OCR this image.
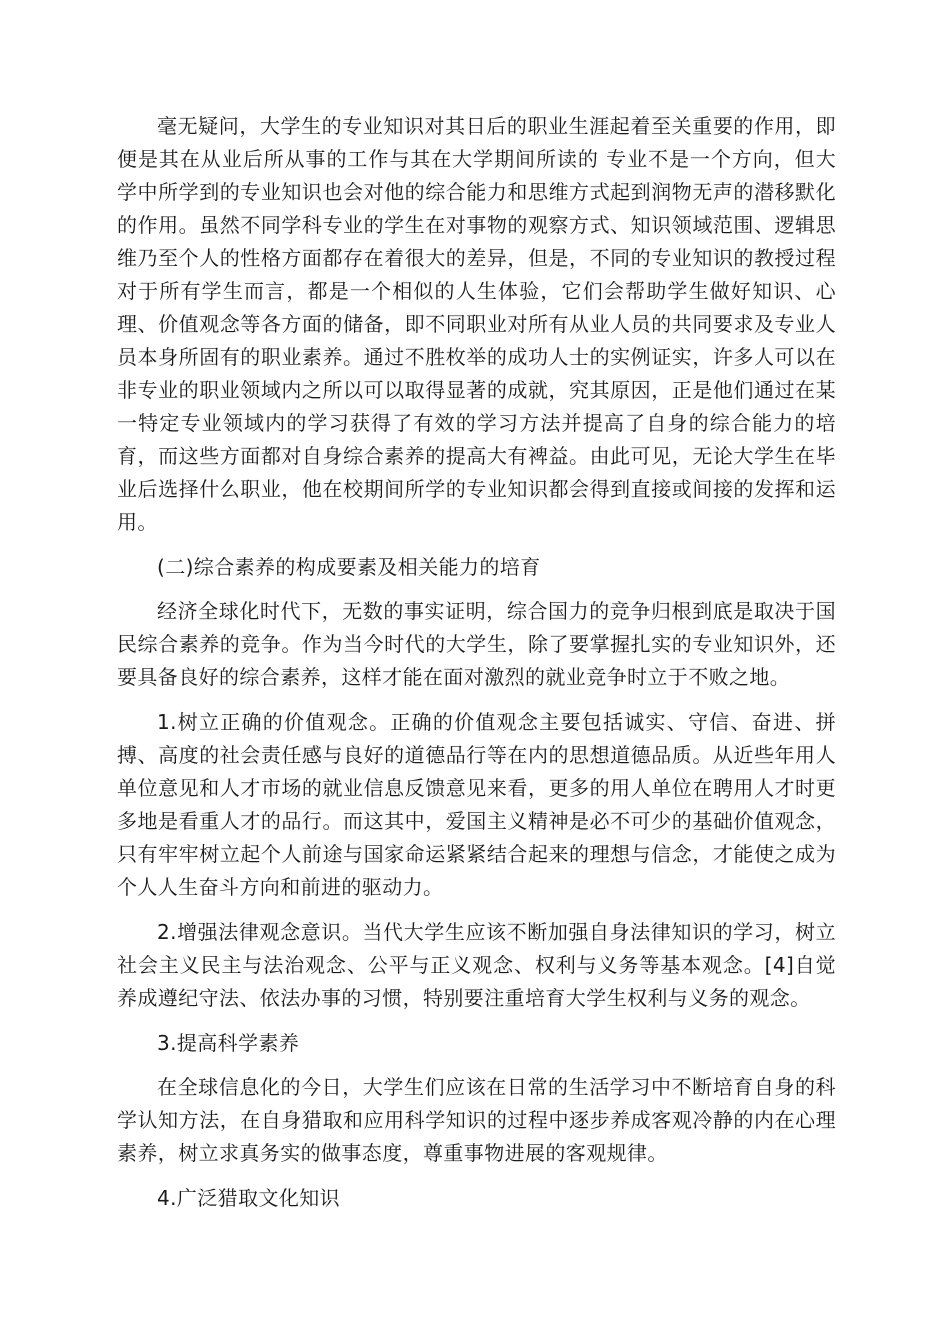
毫无疑问，大学生的专业知识对其日后的职业生涯起着至关重要的作用，即便是其在从业后所从事的工作与其在大学期间所读的 专业不是一个方向，但大学中所学到的专业知识也会对他的综合能力和思维方式起到润物无声的潜移默化的作用。虽然不同学科专业的学生在对事物的观察方式、知识领域范围、逻辑思维乃至个人的性格方面都存在着很大的差异，但是，不同的专业知识的教授过程对于所有学生而言，都是一个相似的人生体验，它们会帮助学生做好知识、心理、价值观念等各方面的储备，即不同职业对所有从业人员的共同要求及专业人员本身所固有的职业素养。通过不胜枚举的成功人士的实例证实，许多人可以在非专业的职业领域内之所以可以取得显著的成就，究其原因，正是他们通过在某一特定专业领域内的学习获得了有效的学习方法并提高了自身的综合能力的培育，而这些方面都对自身综合素养的提高大有裨益。由此可见，无论大学生在毕业后选择什么职业，他在校期间所学的专业知识都会得到直接或间接的发挥和运用。

(二)综合素养的构成要素及相关能力的培育

经济全球化时代下，无数的事实证明，综合国力的竞争归根到底是取决于国民综合素养的竞争。作为当今时代的大学生，除了要掌握扎实的专业知识外，还要具备良好的综合素养，这样才能在面对激烈的就业竞争时立于不败之地。

1.树立正确的价值观念。正确的价值观念主要包括诚实、守信、奋进、拼搏、高度的社会责任感与良好的道德品行等在内的思想道德品质。从近些年用人单位意见和人才市场的就业信息反馈意见来看，更多的用人单位在聘用人才时更多地是看重人才的品行。而这其中，爱国主义精神是必不可少的基础价值观念，只有牢牢树立起个人前途与国家命运紧紧结合起来的理想与信念，才能使之成为个人人生奋斗方向和前进的驱动力。

2.增强法律观念意识。当代大学生应该不断加强自身法律知识的学习，树立社会主义民主与法治观念、公平与正义观念、权利与义务等基本观念。[4]自觉养成遵纪守法、依法办事的习惯，特别要注重培育大学生权利与义务的观念。

3.提高科学素养

在全球信息化的今日，大学生们应该在日常的生活学习中不断培育自身的科学认知方法，在自身猎取和应用科学知识的过程中逐步养成客观冷静的内在心理素养，树立求真务实的做事态度，尊重事物进展的客观规律。

4.广泛猎取文化知识
